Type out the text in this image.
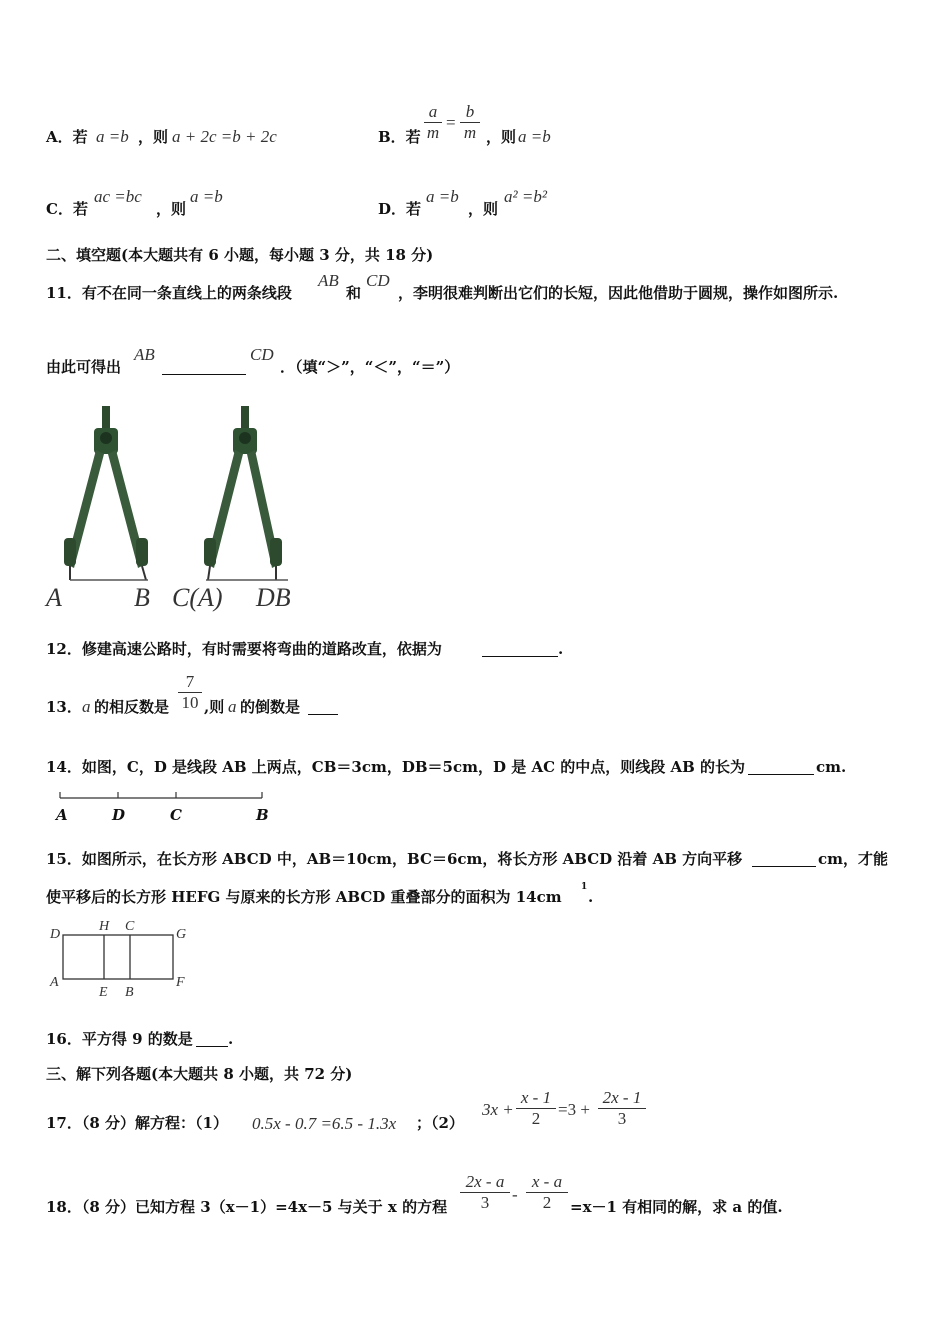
A．若 a =b ，则 a + 2c =b + 2c	B．若 $\frac{a}{m} = \frac{b}{m}$ ，则 a =b
C．若
ac =bc
，则
a =b
D．若
a =b
，则
a² =b²
二、填空题(本大题共有 6 小题，每小题 3 分，共 18 分)
11．有不在同一条直线上的两条线段
AB
和
CD
，李明很难判断出它们的长短，因此他借助于圆规，操作如图所示.
由此可得出
AB	CD
．（填“＞”，“＜”，“＝”）
A	B C(A) DB
12．修建高速公路时，有时需要将弯曲的道路改直，依据为	.
13． a 的相反数是 $\frac{7}{10}$ ,则 a 的倒数是
14．如图，C，D 是线段 AB 上两点，CB＝3cm，DB＝5cm，D 是 AC 的中点，则线段 AB 的长为	cm.
A	D	C	B
15．如图所示，在长方形 ABCD 中，AB＝10cm，BC＝6cm，将长方形 ABCD 沿着 AB 方向平移	cm，才能
使平移后的长方形 HEFG 与原来的长方形 ABCD 重叠部分的面积为 14cm
1
.
D
H C
G
A
E B
F
16．平方得 9 的数是 .
三、解下列各题(本大题共 8 小题，共 72 分)
17．（8 分）解方程：（1） 0.5x - 0.7 =6.5 - 1.3x ；（2）
$3x + \frac{x - 1}{2} =3 + \frac{2x - 1}{3}$
18．（8 分）已知方程 3（x－1）=4x－5 与关于 x 的方程 $\frac{2x - a}{3} - \frac{x - a}{2} =x-1$ 有相同的解，求 a 的值.
